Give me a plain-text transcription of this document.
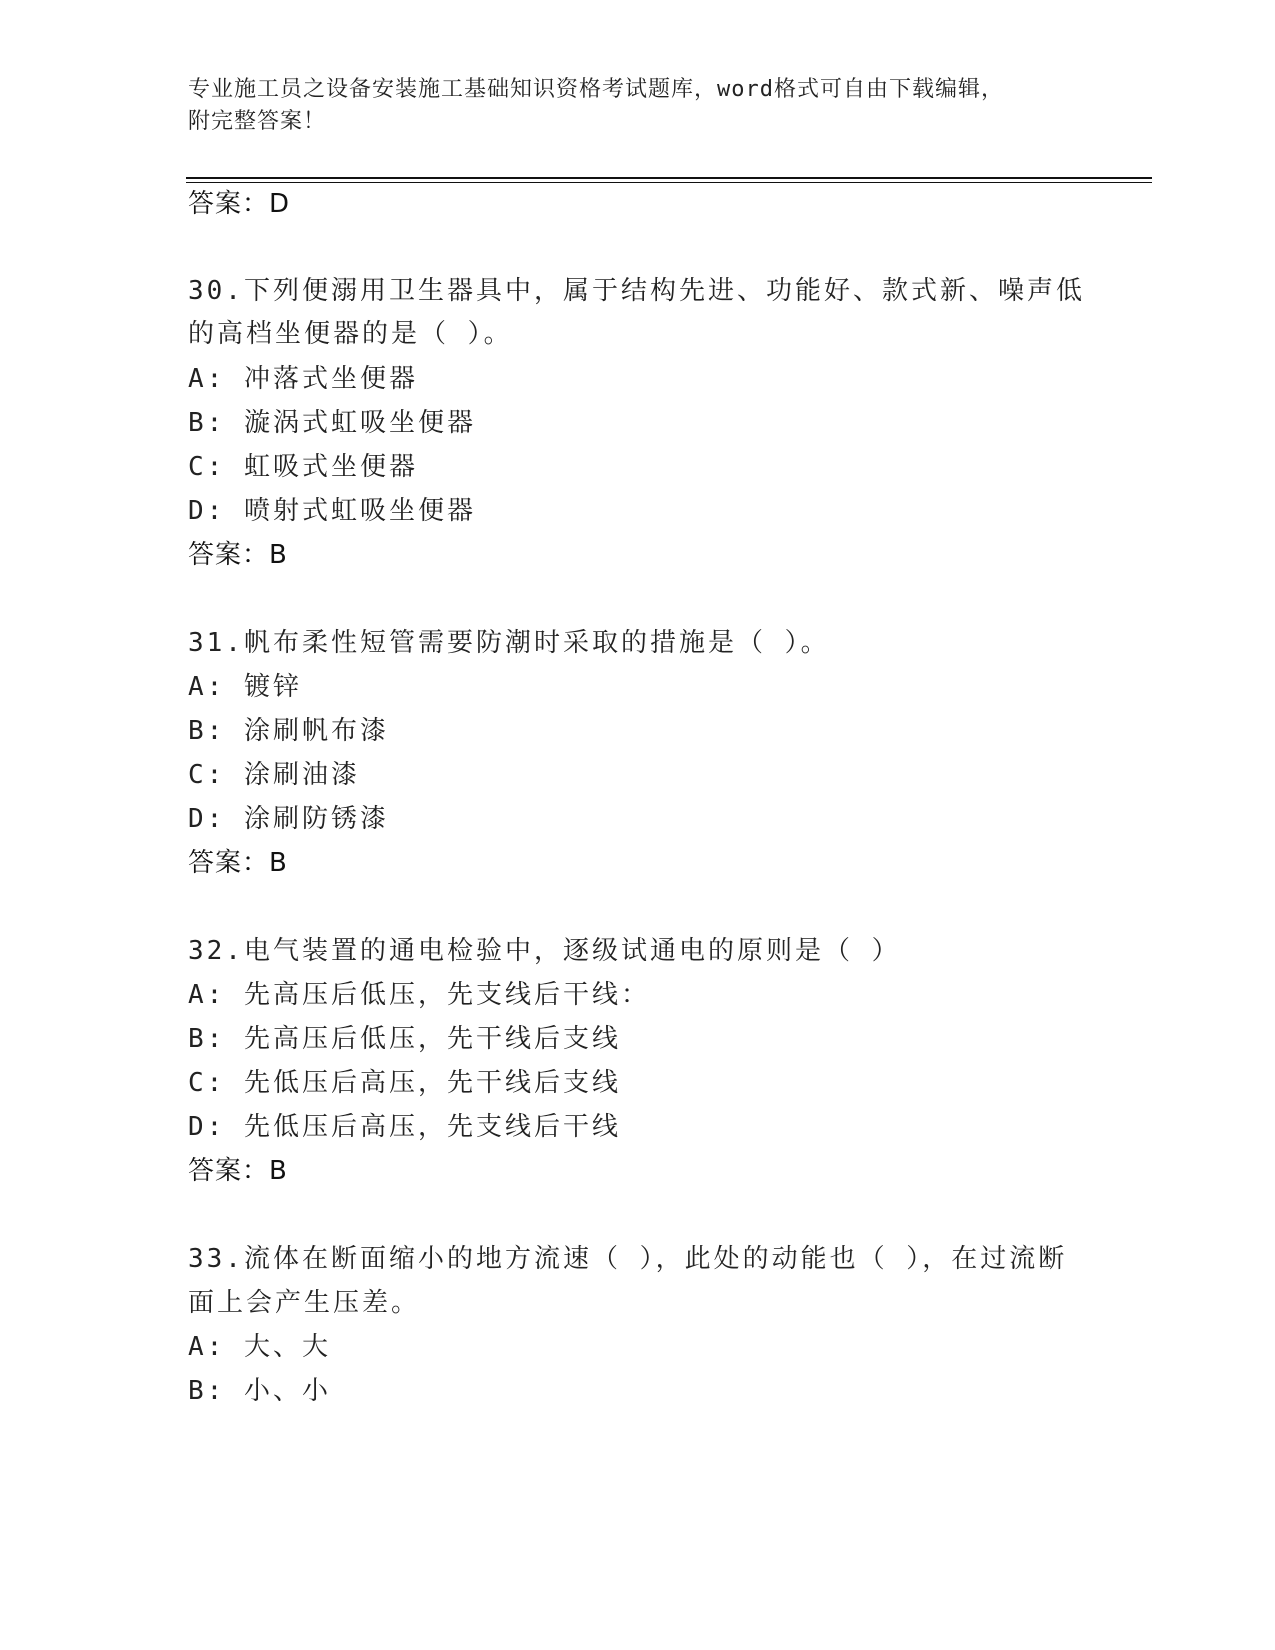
专业施工员之设备安装施工基础知识资格考试题库，word格式可自由下载编辑，
附完整答案！
答案：D
30.下列便溺用卫生器具中，属于结构先进、功能好、款式新、噪声低
的高档坐便器的是（ ）。
A: 冲落式坐便器
B: 漩涡式虹吸坐便器
C: 虹吸式坐便器
D: 喷射式虹吸坐便器
答案：B
31.帆布柔性短管需要防潮时采取的措施是（ ）。
A: 镀锌
B: 涂刷帆布漆
C: 涂刷油漆
D: 涂刷防锈漆
答案：B
32.电气装置的通电检验中，逐级试通电的原则是（ ）
A: 先高压后低压，先支线后干线：
B: 先高压后低压，先干线后支线
C: 先低压后高压，先干线后支线
D: 先低压后高压，先支线后干线
答案：B
33.流体在断面缩小的地方流速（ ），此处的动能也（ ），在过流断
面上会产生压差。
A: 大、大
B: 小、小
